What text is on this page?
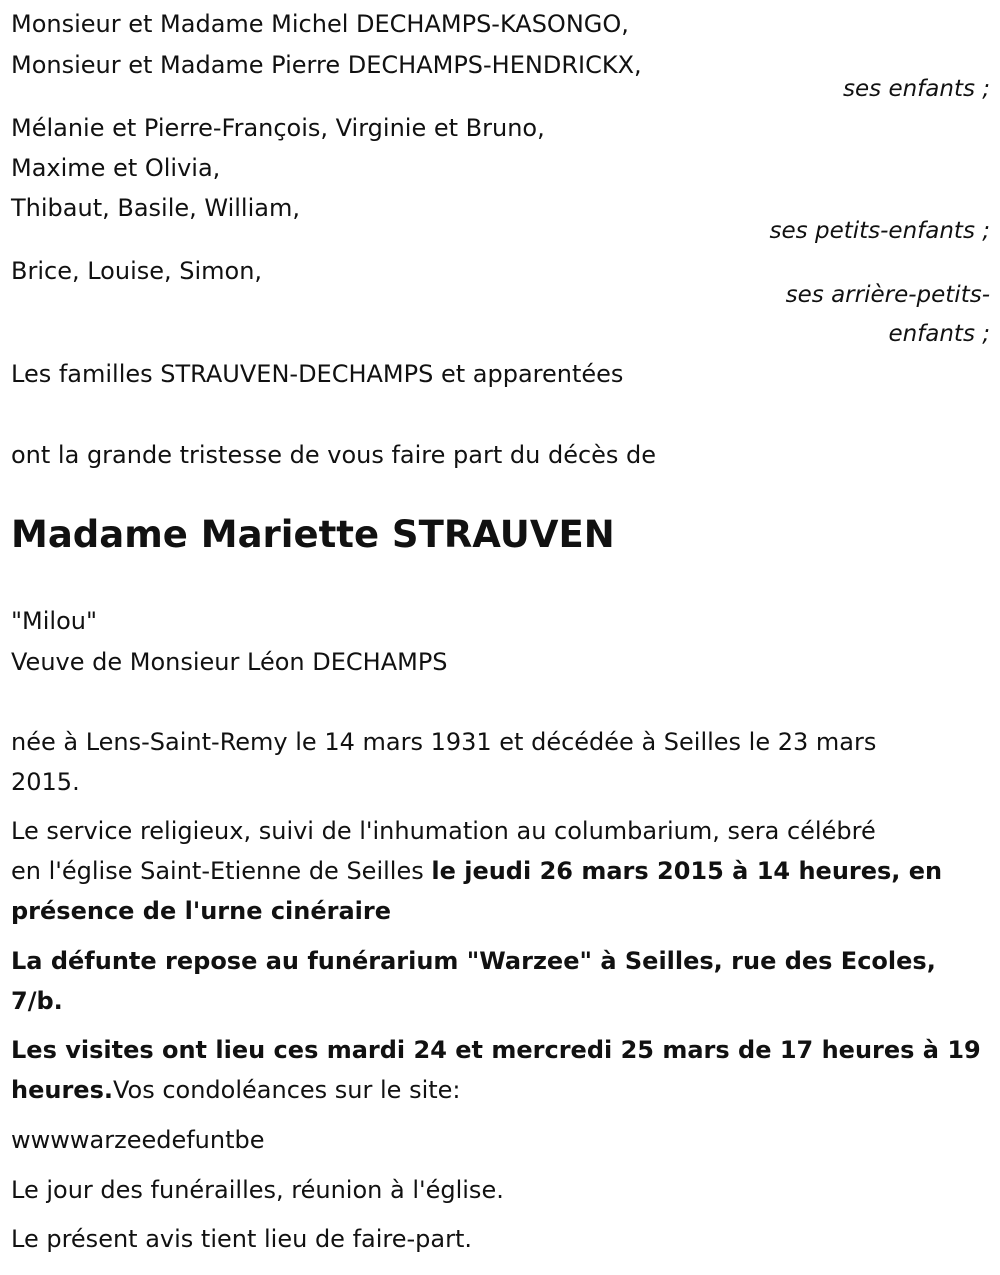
Monsieur et Madame Michel DECHAMPS-KASONGO,
Monsieur et Madame Pierre DECHAMPS-HENDRICKX,
ses enfants ;
Mélanie et Pierre-François, Virginie et Bruno,
Maxime et Olivia,
Thibaut, Basile, William,
ses petits-enfants ;
Brice, Louise, Simon,
ses arrière-petits-
enfants ;
Les familles STRAUVEN-DECHAMPS et apparentées
ont la grande tristesse de vous faire part du décès de
Madame Mariette STRAUVEN
"Milou"
Veuve de Monsieur Léon DECHAMPS
née à Lens-Saint-Remy le 14 mars 1931 et décédée à Seilles le 23 mars
2015.
Le service religieux, suivi de l'inhumation au columbarium, sera célébré
en l'église Saint-Etienne de Seilles le jeudi 26 mars 2015 à 14 heures, en
présence de l'urne cinéraire
La défunte repose au funérarium "Warzee" à Seilles, rue des Ecoles,
7/b.
Les visites ont lieu ces mardi 24 et mercredi 25 mars de 17 heures à 19
heures.Vos condoléances sur le site:
wwwwarzeedefuntbe
Le jour des funérailles, réunion à l'église.
Le présent avis tient lieu de faire-part.
